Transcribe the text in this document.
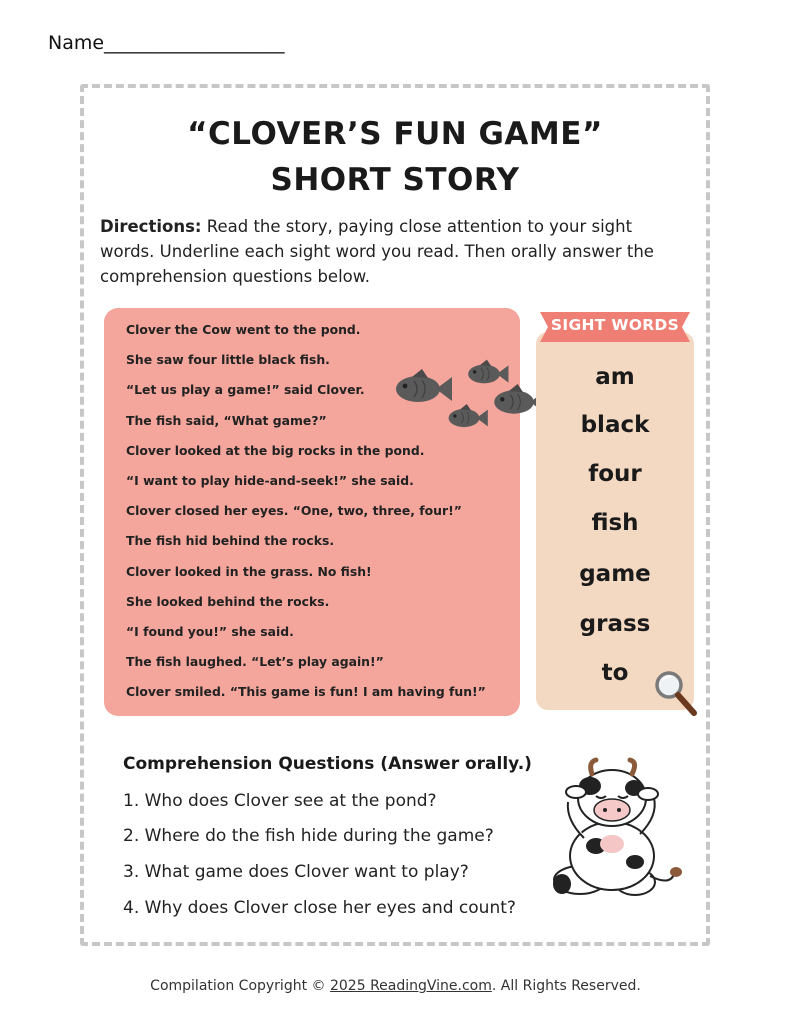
Name___________________
“CLOVER’S FUN GAME”
SHORT STORY
Directions: Read the story, paying close attention to your sight words. Underline each sight word you read. Then orally answer the comprehension questions below.
Clover the Cow went to the pond.
She saw four little black fish.
“Let us play a game!” said Clover.
The fish said, “What game?”
Clover looked at the big rocks in the pond.
“I want to play hide-and-seek!” she said.
Clover closed her eyes. “One, two, three, four!”
The fish hid behind the rocks.
Clover looked in the grass. No fish!
She looked behind the rocks.
“I found you!” she said.
The fish laughed. “Let’s play again!”
Clover smiled. “This game is fun! I am having fun!”
SIGHT WORDS
am
black
four
fish
game
grass
to
Comprehension Questions (Answer orally.)
1. Who does Clover see at the pond?
2. Where do the fish hide during the game?
3. What game does Clover want to play?
4. Why does Clover close her eyes and count?
Compilation Copyright © 2025 ReadingVine.com. All Rights Reserved.
